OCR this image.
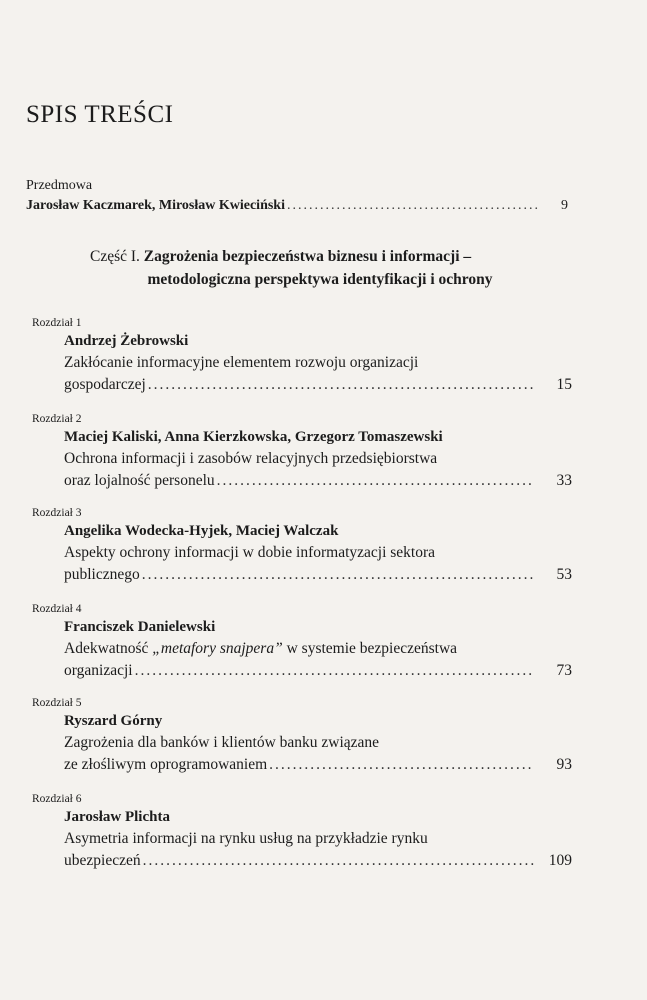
SPIS TREŚCI
Przedmowa
Jarosław Kaczmarek, Mirosław Kwieciński .....	9
Część I. Zagrożenia bezpieczeństwa biznesu i informacji –
metodologiczna perspektywa identyfikacji i ochrony
Rozdział 1
Andrzej Żebrowski
Zakłócanie informacyjne elementem rozwoju organizacji
gospodarczej .....	15
Rozdział 2
Maciej Kaliski, Anna Kierzkowska, Grzegorz Tomaszewski
Ochrona informacji i zasobów relacyjnych przedsiębiorstwa
oraz lojalność personelu .....	33
Rozdział 3
Angelika Wodecka-Hyjek, Maciej Walczak
Aspekty ochrony informacji w dobie informatyzacji sektora
publicznego .....	53
Rozdział 4
Franciszek Danielewski
Adekwatność „metafory snajpera” w systemie bezpieczeństwa
organizacji .....	73
Rozdział 5
Ryszard Górny
Zagrożenia dla banków i klientów banku związane
ze złośliwym oprogramowaniem .....	93
Rozdział 6
Jarosław Plichta
Asymetria informacji na rynku usług na przykładzie rynku
ubezpieczeń .....	109
